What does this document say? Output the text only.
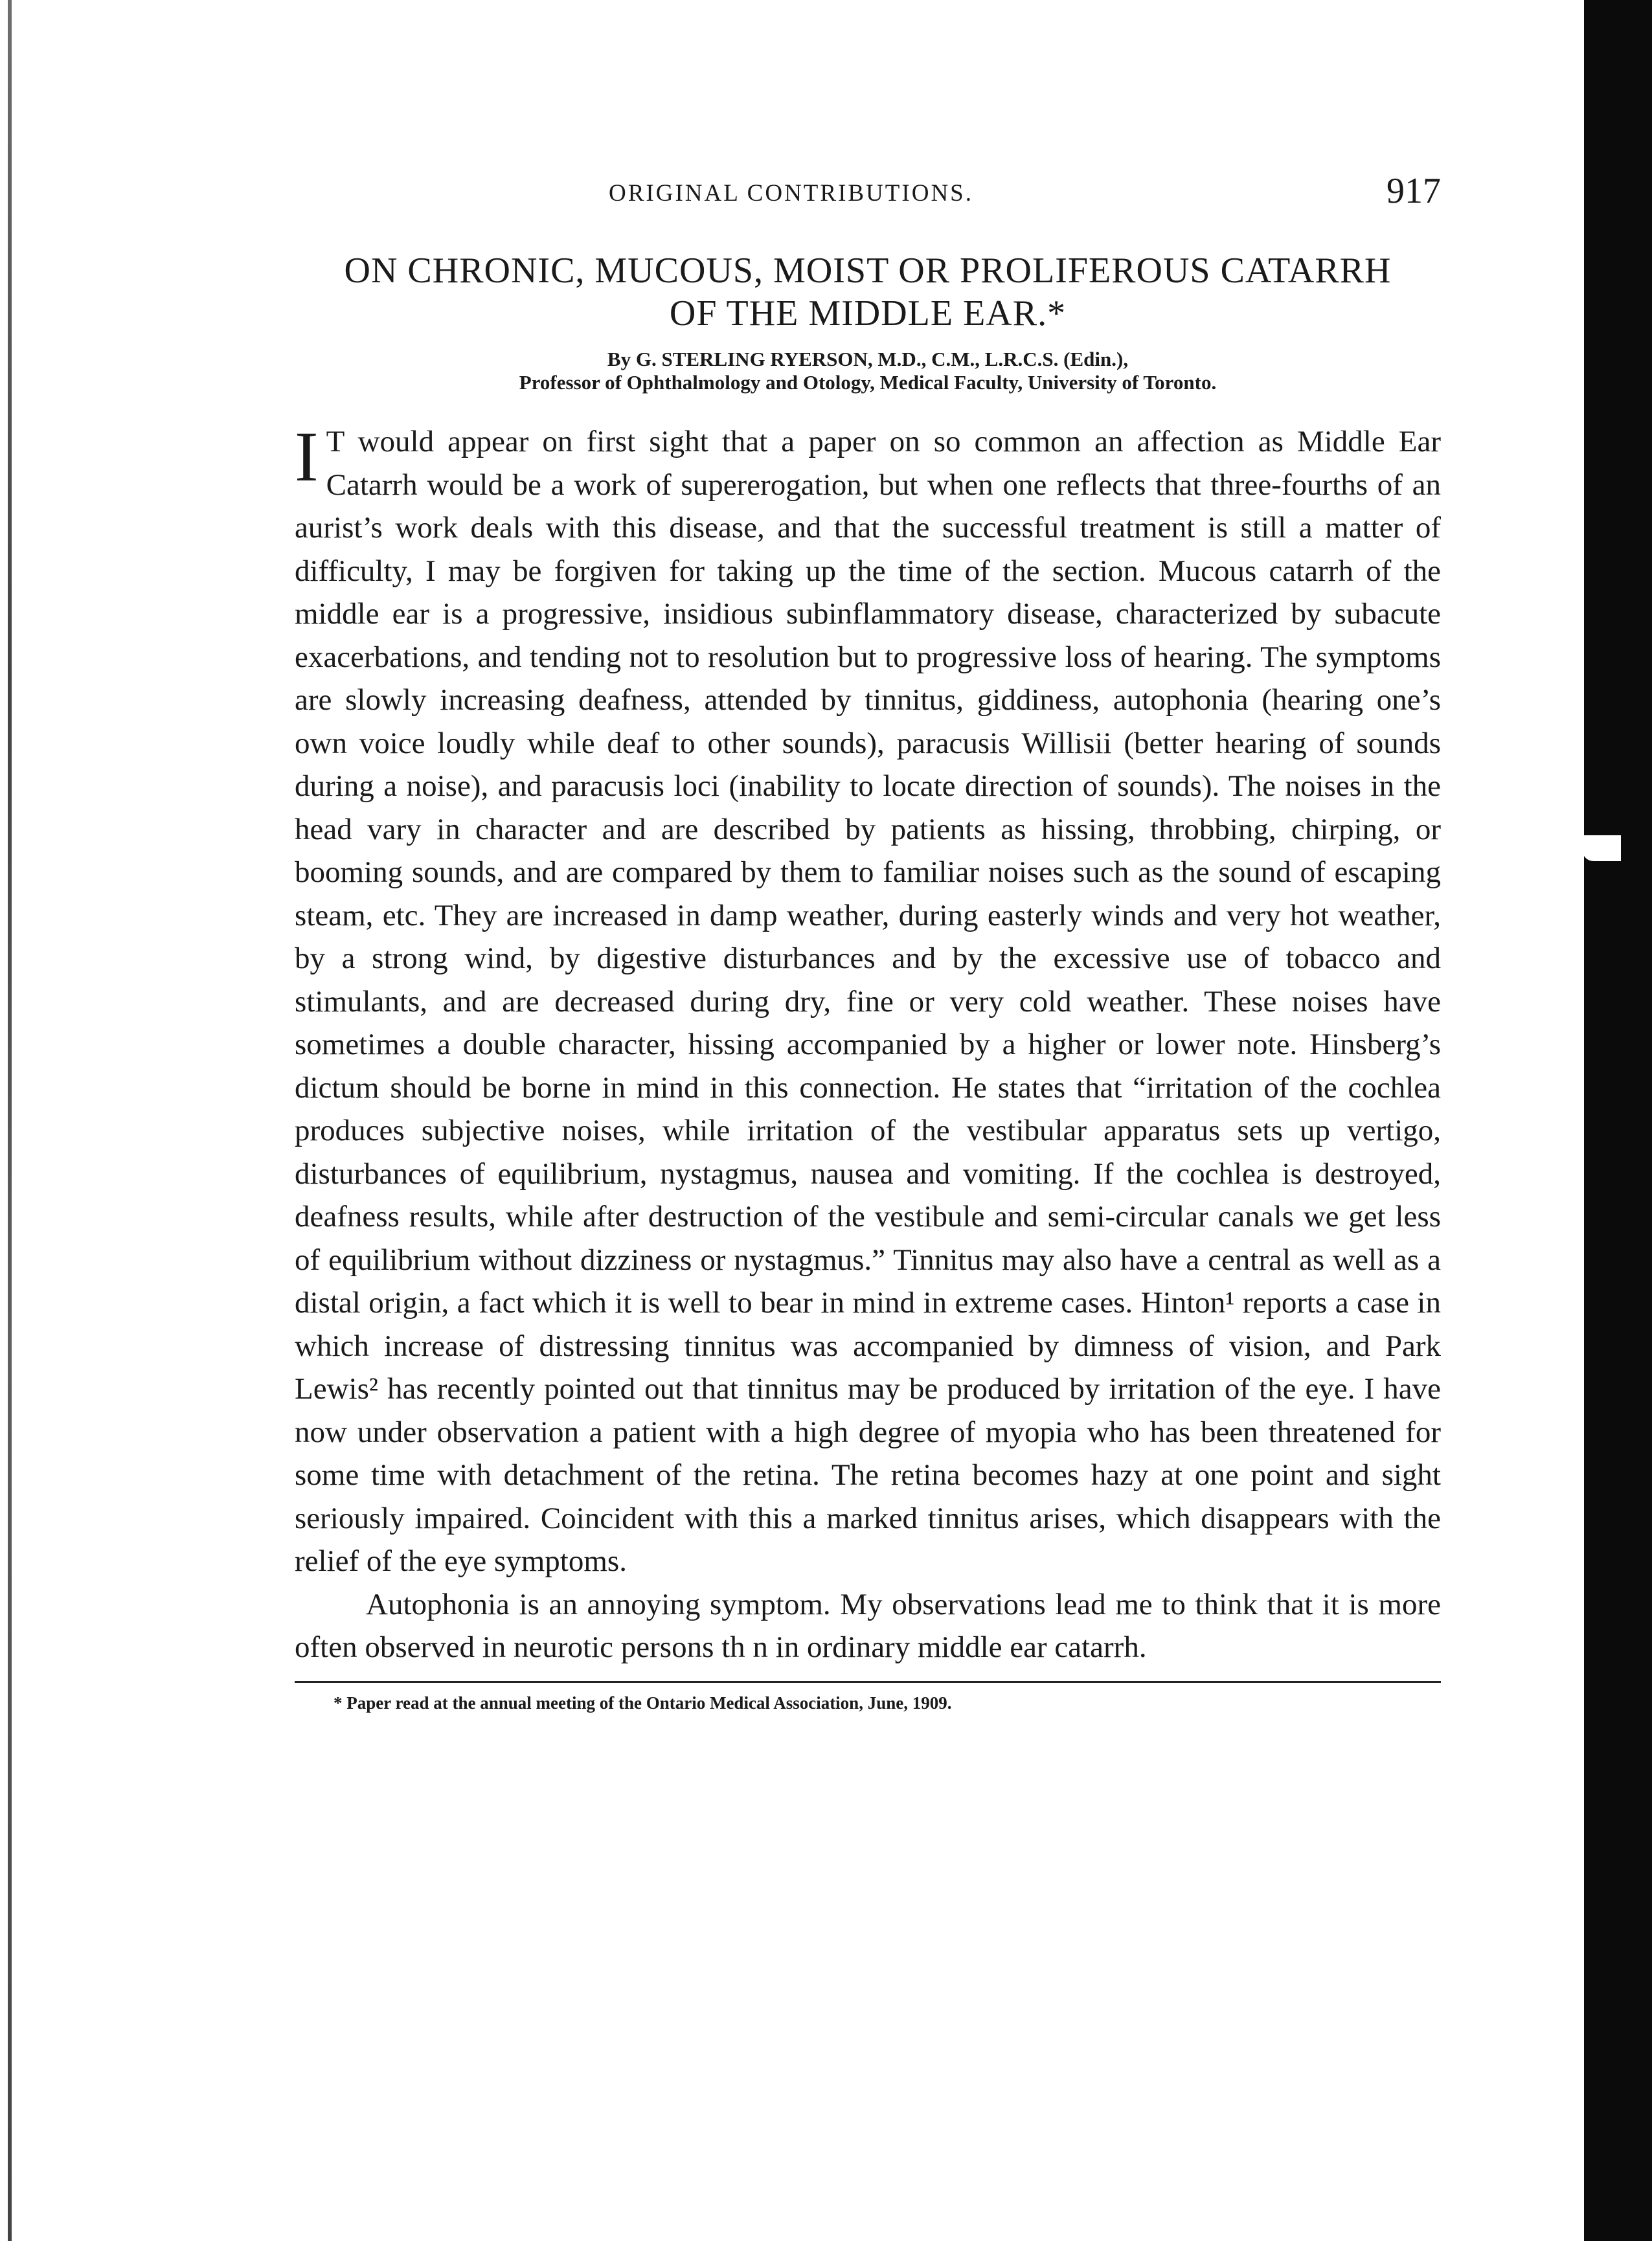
ORIGINAL CONTRIBUTIONS.	917
ON CHRONIC, MUCOUS, MOIST OR PROLIFEROUS CATARRH
OF THE MIDDLE EAR.*
By G. STERLING RYERSON, M.D., C.M., L.R.C.S. (Edin.),
Professor of Ophthalmology and Otology, Medical Faculty, University of Toronto.

I T would appear on first sight that a paper on so common an affection as Middle Ear Catarrh would be a work of supererogation, but when one reflects that three-fourths of an aurist’s work deals with this disease, and that the successful treatment is still a matter of difficulty, I may be forgiven for taking up the time of the section. Mucous catarrh of the middle ear is a progressive, insidious subinflammatory disease, characterized by subacute exacerbations, and tending not to resolution but to progressive loss of hearing. The symptoms are slowly increasing deafness, attended by tinnitus, giddiness, autophonia (hearing one’s own voice loudly while deaf to other sounds), paracusis Willisii (better hearing of sounds during a noise), and paracusis loci (inability to locate direction of sounds). The noises in the head vary in character and are described by patients as hissing, throbbing, chirping, or booming sounds, and are compared by them to familiar noises such as the sound of escaping steam, etc. They are increased in damp weather, during easterly winds and very hot weather, by a strong wind, by digestive disturbances and by the excessive use of tobacco and stimulants, and are decreased during dry, fine or very cold weather. These noises have sometimes a double character, hissing accompanied by a higher or lower note. Hinsberg’s dictum should be borne in mind in this connection. He states that “irritation of the cochlea produces subjective noises, while irritation of the vestibular apparatus sets up vertigo, disturbances of equilibrium, nystagmus, nausea and vomiting. If the cochlea is destroyed, deafness results, while after destruction of the vestibule and semi-circular canals we get less of equilibrium without dizziness or nystagmus.” Tinnitus may also have a central as well as a distal origin, a fact which it is well to bear in mind in extreme cases. Hinton¹ reports a case in which increase of distressing tinnitus was accompanied by dimness of vision, and Park Lewis² has recently pointed out that tinnitus may be produced by irritation of the eye. I have now under observation a patient with a high degree of myopia who has been threatened for some time with detachment of the retina. The retina becomes hazy at one point and sight seriously impaired. Coincident with this a marked tinnitus arises, which disappears with the relief of the eye symptoms.

Autophonia is an annoying symptom. My observations lead me to think that it is more often observed in neurotic persons th n in ordinary middle ear catarrh.

* Paper read at the annual meeting of the Ontario Medical Association, June, 1909.
